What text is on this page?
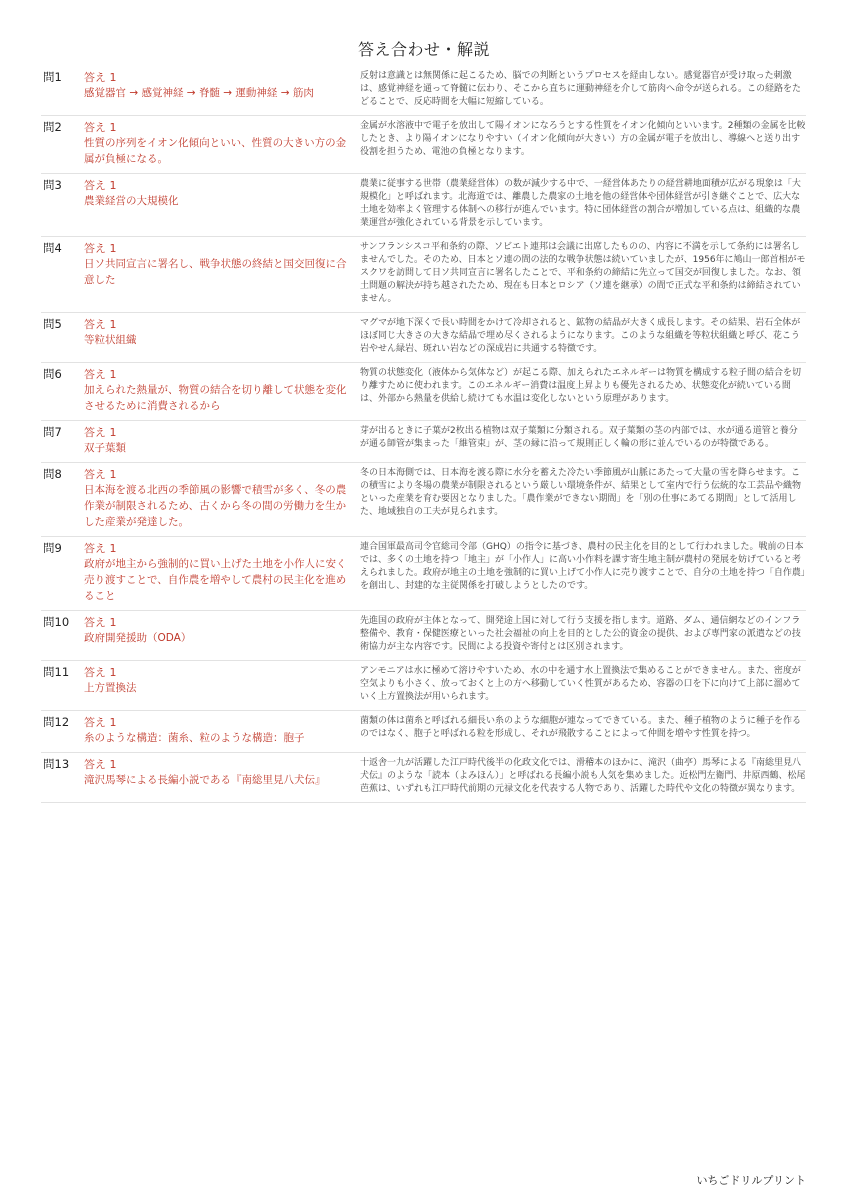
答え合わせ・解説
問1	答え 1
感覚器官 → 感覚神経 → 脊髄 → 運動神経 → 筋肉	反射は意識とは無関係に起こるため、脳での判断というプロセスを経由しない。感覚器官が受け取った刺激は、感覚神経を通って脊髄に伝わり、そこから直ちに運動神経を介して筋肉へ命令が送られる。この経路をたどることで、反応時間を大幅に短縮している。
問2	答え 1
性質の序列をイオン化傾向といい、性質の大きい方の金属が負極になる。	金属が水溶液中で電子を放出して陽イオンになろうとする性質をイオン化傾向といいます。2種類の金属を比較したとき、より陽イオンになりやすい（イオン化傾向が大きい）方の金属が電子を放出し、導線へと送り出す役割を担うため、電池の負極となります。
問3	答え 1
農業経営の大規模化	農業に従事する世帯（農業経営体）の数が減少する中で、一経営体あたりの経営耕地面積が広がる現象は「大規模化」と呼ばれます。北海道では、離農した農家の土地を他の経営体や団体経営が引き継ぐことで、広大な土地を効率よく管理する体制への移行が進んでいます。特に団体経営の割合が増加している点は、組織的な農業運営が強化されている背景を示しています。
問4	答え 1
日ソ共同宣言に署名し、戦争状態の終結と国交回復に合意した	サンフランシスコ平和条約の際、ソビエト連邦は会議に出席したものの、内容に不満を示して条約には署名しませんでした。そのため、日本とソ連の間の法的な戦争状態は続いていましたが、1956年に鳩山一郎首相がモスクワを訪問して日ソ共同宣言に署名したことで、平和条約の締結に先立って国交が回復しました。なお、領土問題の解決が持ち越されたため、現在も日本とロシア（ソ連を継承）の間で正式な平和条約は締結されていません。
問5	答え 1
等粒状組織	マグマが地下深くで長い時間をかけて冷却されると、鉱物の結晶が大きく成長します。その結果、岩石全体がほぼ同じ大きさの大きな結晶で埋め尽くされるようになります。このような組織を等粒状組織と呼び、花こう岩やせん緑岩、斑れい岩などの深成岩に共通する特徴です。
問6	答え 1
加えられた熱量が、物質の結合を切り離して状態を変化させるために消費されるから	物質の状態変化（液体から気体など）が起こる際、加えられたエネルギーは物質を構成する粒子間の結合を切り離すために使われます。このエネルギー消費は温度上昇よりも優先されるため、状態変化が続いている間は、外部から熱量を供給し続けても水温は変化しないという原理があります。
問7	答え 1
双子葉類	芽が出るときに子葉が2枚出る植物は双子葉類に分類される。双子葉類の茎の内部では、水が通る道管と養分が通る師管が集まった「維管束」が、茎の縁に沿って規則正しく輪の形に並んでいるのが特徴である。
問8	答え 1
日本海を渡る北西の季節風の影響で積雪が多く、冬の農作業が制限されるため、古くから冬の間の労働力を生かした産業が発達した。	冬の日本海側では、日本海を渡る際に水分を蓄えた冷たい季節風が山脈にあたって大量の雪を降らせます。この積雪により冬場の農業が制限されるという厳しい環境条件が、結果として室内で行う伝統的な工芸品や織物といった産業を育む要因となりました。「農作業ができない期間」を「別の仕事にあてる期間」として活用した、地域独自の工夫が見られます。
問9	答え 1
政府が地主から強制的に買い上げた土地を小作人に安く売り渡すことで、自作農を増やして農村の民主化を進めること	連合国軍最高司令官総司令部（GHQ）の指令に基づき、農村の民主化を目的として行われました。戦前の日本では、多くの土地を持つ「地主」が「小作人」に高い小作料を課す寄生地主制が農村の発展を妨げていると考えられました。政府が地主の土地を強制的に買い上げて小作人に売り渡すことで、自分の土地を持つ「自作農」を創出し、封建的な主従関係を打破しようとしたのです。
問10	答え 1
政府開発援助（ODA）	先進国の政府が主体となって、開発途上国に対して行う支援を指します。道路、ダム、通信網などのインフラ整備や、教育・保健医療といった社会福祉の向上を目的とした公的資金の提供、および専門家の派遣などの技術協力が主な内容です。民間による投資や寄付とは区別されます。
問11	答え 1
上方置換法	アンモニアは水に極めて溶けやすいため、水の中を通す水上置換法で集めることができません。また、密度が空気よりも小さく、放っておくと上の方へ移動していく性質があるため、容器の口を下に向けて上部に溜めていく上方置換法が用いられます。
問12	答え 1
糸のような構造：菌糸、粒のような構造：胞子	菌類の体は菌糸と呼ばれる細長い糸のような細胞が連なってできている。また、種子植物のように種子を作るのではなく、胞子と呼ばれる粒を形成し、それが飛散することによって仲間を増やす性質を持つ。
問13	答え 1
滝沢馬琴による長編小説である『南総里見八犬伝』	十返舎一九が活躍した江戸時代後半の化政文化では、滑稽本のほかに、滝沢（曲亭）馬琴による『南総里見八犬伝』のような「読本（よみほん）」と呼ばれる長編小説も人気を集めました。近松門左衛門、井原西鶴、松尾芭蕉は、いずれも江戸時代前期の元禄文化を代表する人物であり、活躍した時代や文化の特徴が異なります。
いちごドリルプリント
